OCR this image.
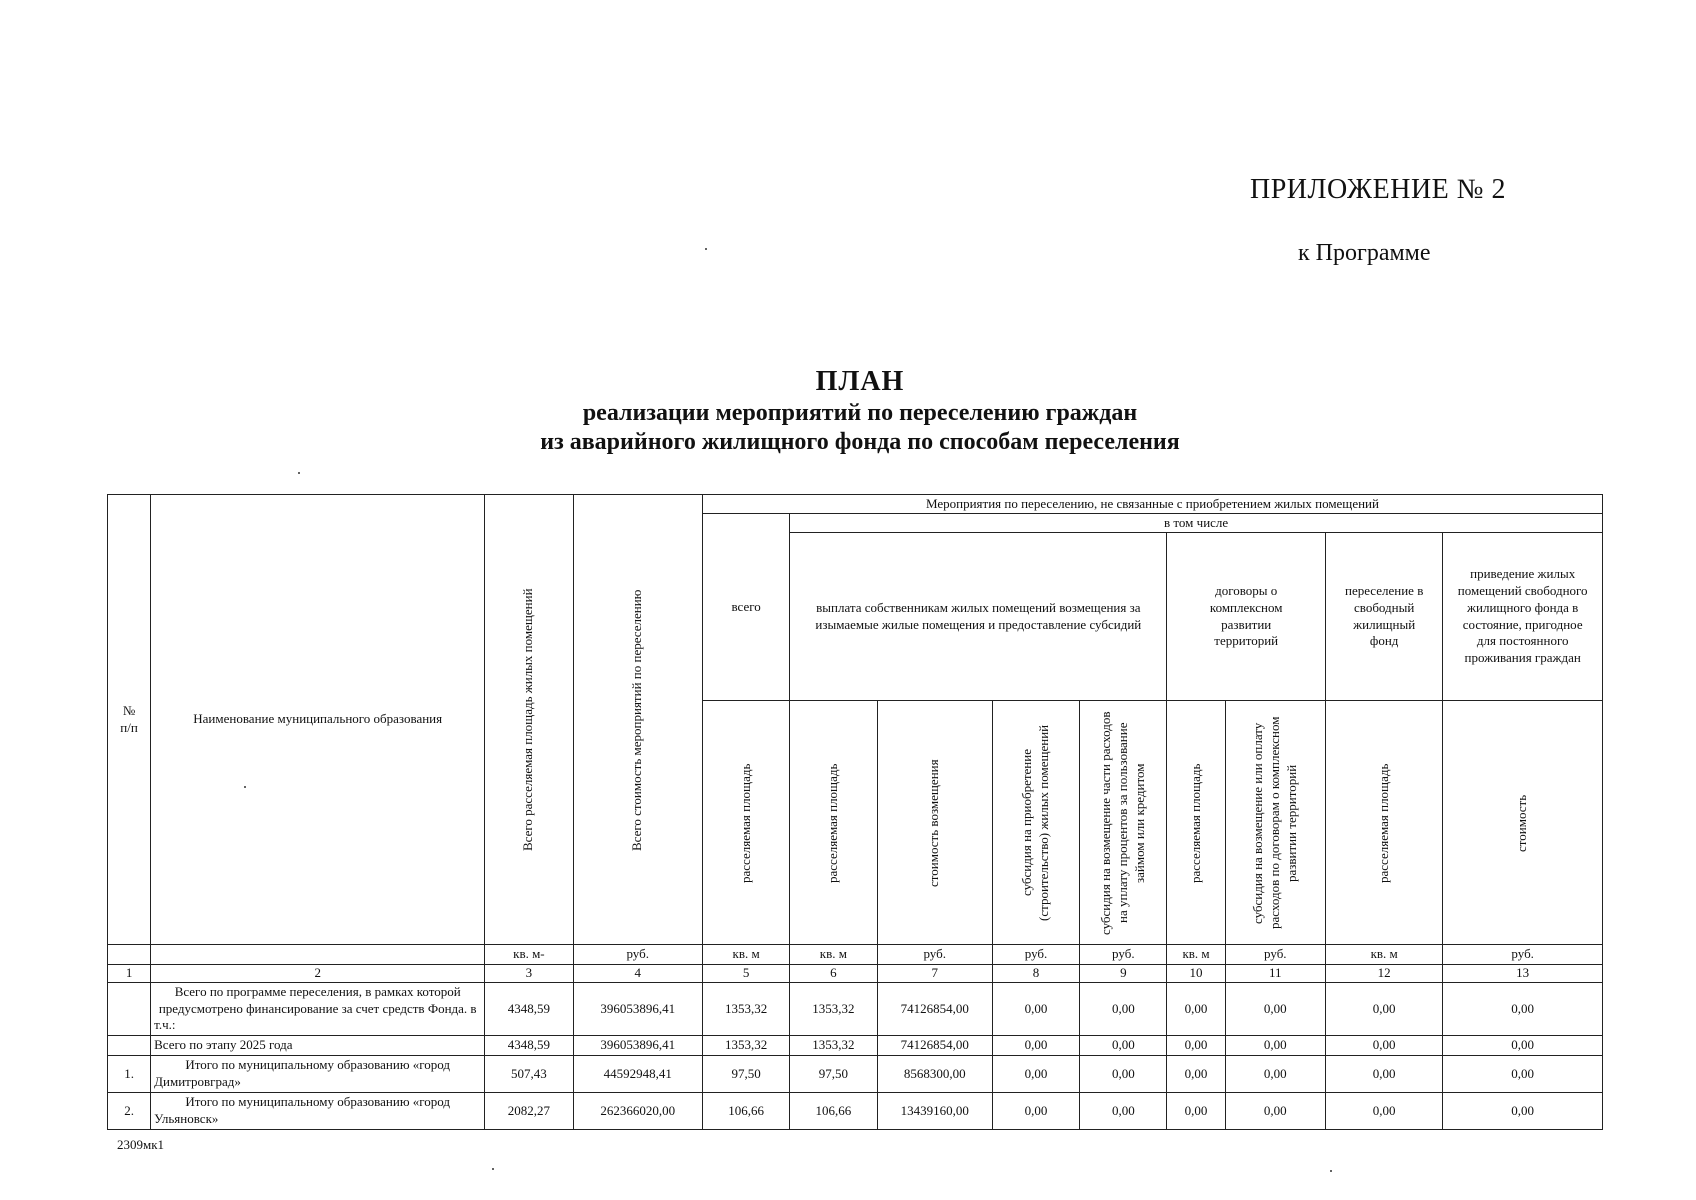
ПРИЛОЖЕНИЕ № 2
к Программе

ПЛАН

реализации мероприятий по переселению граждан

из аварийного жилищного фонда по способам переселения

№
п/п	Наименование муниципального образования	Всего расселяемая площадь жилых помещений	Всего стоимость мероприятий по переселению	Мероприятия по переселению, не связанные с приобретением жилых помещений								
				всего	в том числе							
					выплата собственникам жилых помещений возмещения за изымаемые жилые помещения и предоставление субсидий				договоры о комплексном развитии территорий		переселение в свободный жилищный фонд	приведение жилых помещений свободного жилищного фонда в состояние, пригодное для постоянного проживания граждан

				расселяемая площадь	расселяемая площадь	стоимость возмещения	субсидия на приобретение (строительство) жилых помещений	субсидия на возмещение части расходов на уплату процентов за пользование займом или кредитом	расселяемая площадь	субсидия на возмещение или оплату расходов по договорам о комплексном развитии территорий	расселяемая площадь	стоимость

		кв. м-	руб.	кв. м	кв. м	руб.	руб.	руб.	кв. м	руб.	кв. м	руб.
1	2	3	4	5	6	7	8	9	10	11	12	13
	Всего по программе переселения, в рамках которой предусмотрено финансирование за счет средств Фонда. в т.ч.:	4348,59	396053896,41	1353,32	1353,32	74126854,00	0,00	0,00	0,00	0,00	0,00	0,00
	Всего по этапу 2025 года	4348,59	396053896,41	1353,32	1353,32	74126854,00	0,00	0,00	0,00	0,00	0,00	0,00
1.	Итого по муниципальному образованию «город Димитровград»	507,43	44592948,41	97,50	97,50	8568300,00	0,00	0,00	0,00	0,00	0,00	0,00
2.	Итого по муниципальному образованию «город Ульяновск»	2082,27	262366020,00	106,66	106,66	13439160,00	0,00	0,00	0,00	0,00	0,00	0,00
2309мк1
